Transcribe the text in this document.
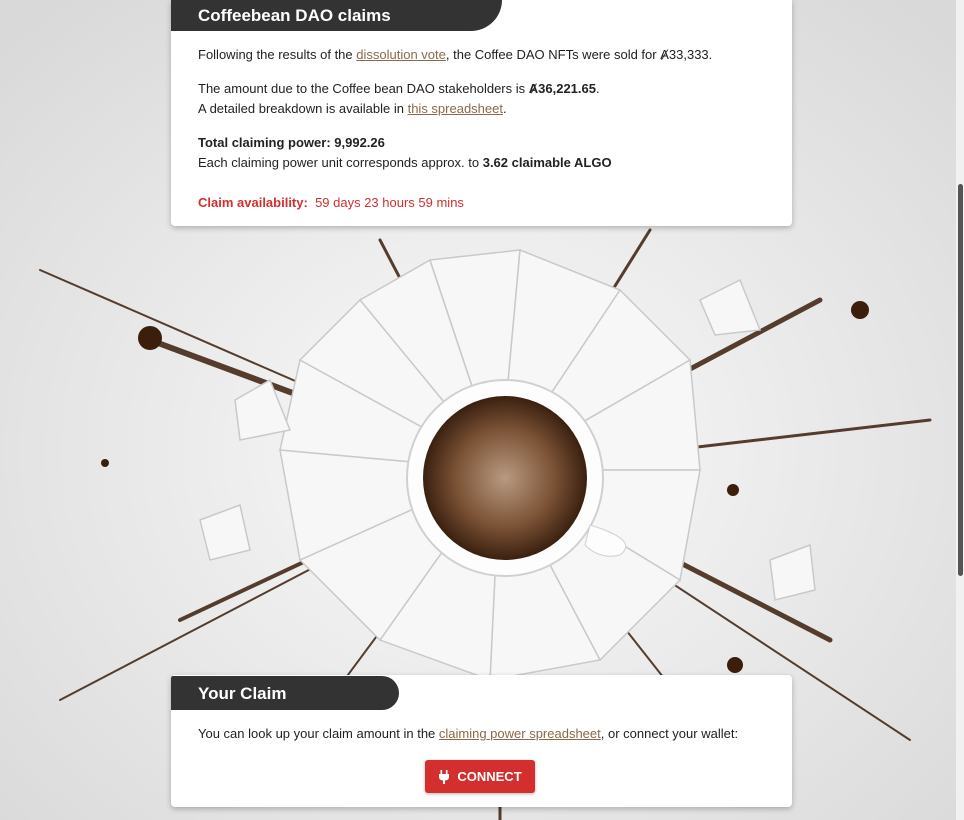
Coffeebean DAO claims
Following the results of the dissolution vote, the Coffee DAO NFTs were sold for Ⱥ33,333.
The amount due to the Coffee bean DAO stakeholders is Ⱥ36,221.65.
A detailed breakdown is available in this spreadsheet.
Total claiming power: 9,992.26
Each claiming power unit corresponds approx. to 3.62 claimable ALGO
Claim availability: 59 days 23 hours 59 mins
Your Claim
You can look up your claim amount in the claiming power spreadsheet, or connect your wallet:
CONNECT
